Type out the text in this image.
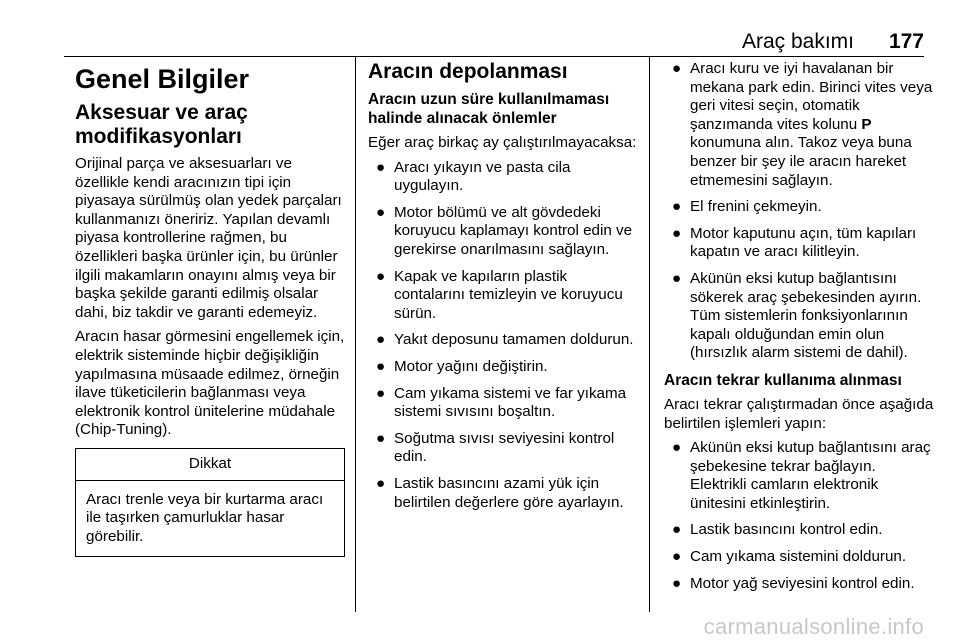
Araç bakımı 177
Genel Bilgiler
Aksesuar ve araç modifikasyonları

Orijinal parça ve aksesuarları ve özellikle kendi aracınızın tipi için piyasaya sürülmüş olan yedek parçaları kullanmanızı öneririz. Yapılan devamlı piyasa kontrollerine rağmen, bu özellikleri başka ürünler için, bu ürünler ilgili makamların onayını almış veya bir başka şekilde garanti edilmiş olsalar dahi, biz takdir ve garanti edemeyiz.

Aracın hasar görmesini engellemek için, elektrik sisteminde hiçbir değişikliğin yapılmasına müsaade edilmez, örneğin ilave tüketicilerin bağlanması veya elektronik kontrol ünitelerine müdahale (Chip-Tuning).

Dikkat
Aracı trenle veya bir kurtarma aracı ile taşırken çamurluklar hasar görebilir.
Aracın depolanması
Aracın uzun süre kullanılmaması halinde alınacak önlemler

Eğer araç birkaç ay çalıştırılmayacaksa:

● Aracı yıkayın ve pasta cila uygulayın.
● Motor bölümü ve alt gövdedeki koruyucu kaplamayı kontrol edin ve gerekirse onarılmasını sağlayın.
● Kapak ve kapıların plastik contalarını temizleyin ve koruyucu sürün.
● Yakıt deposunu tamamen doldurun.
● Motor yağını değiştirin.
● Cam yıkama sistemi ve far yıkama sistemi sıvısını boşaltın.
● Soğutma sıvısı seviyesini kontrol edin.
● Lastik basıncını azami yük için belirtilen değerlere göre ayarlayın.
● Aracı kuru ve iyi havalanan bir mekana park edin. Birinci vites veya geri vitesi seçin, otomatik şanzımanda vites kolunu P konumuna alın. Takoz veya buna benzer bir şey ile aracın hareket etmemesini sağlayın.
● El frenini çekmeyin.
● Motor kaputunu açın, tüm kapıları kapatın ve aracı kilitleyin.
● Akünün eksi kutup bağlantısını sökerek araç şebekesinden ayırın. Tüm sistemlerin fonksiyonlarının kapalı olduğundan emin olun (hırsızlık alarm sistemi de dahil).
Aracın tekrar kullanıma alınması

Aracı tekrar çalıştırmadan önce aşağıda belirtilen işlemleri yapın:

● Akünün eksi kutup bağlantısını araç şebekesine tekrar bağlayın. Elektrikli camların elektronik ünitesini etkinleştirin.
● Lastik basıncını kontrol edin.
● Cam yıkama sistemini doldurun.
● Motor yağ seviyesini kontrol edin.
carmanualsonline.info
